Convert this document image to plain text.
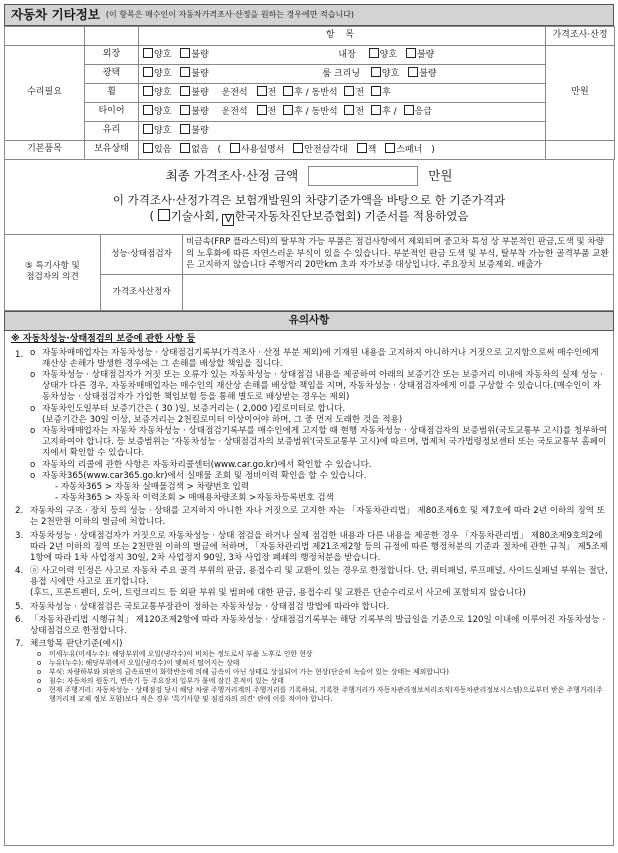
자동차 기타정보 (이 항목은 매수인이 자동차가격조사·산정을 원하는 경우에만 적습니다)
		항 목	가격조사·산정
수리필요	외장	양호 불량 내장 양호 불량	만원
	광택	양호 불량 룸 크리닝 양호 불량	
	휠	양호 불량 운전석 전 후 / 동반석 전 후	
	타이어	양호 불량 운전석 전 후 / 동반석 전 후 / 응급	
	유리	양호 불량	
기본품목	보유상태	있음 없음 ( 사용설명서 안전삼각대 잭 스패너 )	
최종 가격조사·산정 금액	만원
이 가격조사·산정가격은 보험개발원의 차량기준가액을 바탕으로 한 기준가격과
( 기술사회, V 한국자동차진단보증협회) 기준서를 적용하였음
⑤ 특기사항 및
점검자의 의견	성능·상태점검자	비금속(FRP 플라스틱)의 탈부착 가능 부품은 점검사항에서 제외되며 중고차 특성 상 부분적인 판금,도색 및 차량의 노후화에 따른 자연스러운 부식이 있을 수 있습니다. 부분적인 판금 도색 및 부식, 탈부착 가능한 골격부품 교환은 고지하지 않습니다 주행거리 20만km 초과 자가보증 대상입니다. 주요장치 보증제외. 배출가
	가격조사산정자	
유의사항
※ 자동차성능·상태점검의 보증에 관한 사항 등
1. o 자동차매매업자는 자동차성능 · 상태점검기록부(가격조사 · 산정 부분 제외)에 기재된 내용을 고지하지 아니하거나 거짓으로 고지함으로써 매수인에게 재산상 손해가 발생한 경우에는 그 손해를 배상할 책임을 집니다.
o 자동차성능 · 상태점검자가 거짓 또는 오류가 있는 자동차성능 · 상태점검 내용을 제공하여 아래의 보증기간 또는 보증거리 이내에 자동차의 실제 성능 · 상태가 다른 경우, 자동차매매업자는 매수인의 재산상 손해를 배상할 책임을 지며, 자동차성능 · 상태점검자에게 이를 구상할 수 있습니다.(매수인이 자동차성능 · 상태점검자가 가입한 책임보험 등을 통해 별도로 배상받는 경우는 제외)
o 자동차인도일부터 보증기간은 ( 30 )일, 보증거리는 ( 2,000 )킬로미터로 합니다.
(보증기간은 30일 이상, 보증거리는 2천킬로미터 이상이어야 하며, 그 중 먼저 도래한 것을 적용)
o 자동차매매업자는 자동차 자동차성능 · 상태점검기록부를 매수인에게 고지할 때 현행 자동차성능 · 상태점검자의 보증범위(국토교통부 고시)를 청부하여 고지하여야 합니다. 등 보증범위는 '자동차성능 · 상태점검자의 보증범위'(국토교통부 고시)에 따르며, 법제처 국가법령정보센터 또는 국토교통부 홈페이지에서 확인할 수 있습니다.
o 자동차의 리콜에 관한 사항은 자동차리콜센터(www.car.go.kr)에서 확인할 수 있습니다.
o 자동차365(www.car365.go.kr)에서 실매물 조회 및 정비이력 확인을 할 수 있습니다.
- 자동차365 > 자동차 실매물검색 > 차량번호 입력
- 자동차365 > 자동차 이력조회 > 매매용차량조회 >자동차등록번호 검색
2. 자동차의 구조 · 장치 등의 성능 · 상태를 고지하지 아니한 자나 거짓으로 고지한 자는 「자동차관리법」 제80조제6호 및 제7호에 따라 2년 이하의 징역 또는 2천만원 이하의 벌금에 처합니다.
3. 자동차성능 · 상태점검자가 거짓으로 자동차성능 · 상태 점검을 하거나 실제 점검한 내용과 다른 내용을 제공한 경우 「자동차관리법」 제80조제9호의2에 따라 2년 이하의 징역 또는 2천만원 이하의 벌금에 처하며, 「자동차관리법 제21조제2항 등의 규정에 따른 행정처분의 기준과 절차에 관한 규칙」 제5조제1항에 따라 1차 사업정지 30일, 2차 사업정지 90일, 3차 사업장 폐쇄의 행정처분을 받습니다.
4. ⓐ 사고이력 인정은 사고로 자동차 주요 골격 부위의 판금, 용접수리 및 교환이 있는 경우로 한정합니다. 단, 쿼터패널, 루프패널, 사이드실패널 부위는 절단, 용접 시에만 사고로 표기합니다.
(후드, 프론트펜더, 도어, 트렁크리드 등 외판 부위 및 범퍼에 대한 판금, 용접수리 및 교환은 단순수리로서 사고에 포함되지 않습니다)
5. 자동차성능 · 상태점검은 국토교통부장관이 정하는 자동차성능 · 상태점검 방법에 따라야 합니다.
6. 「자동차관리법 시행규칙」 제120조제2항에 따라 자동차성능 · 상태점검기록부는 해당 기록부의 발급일을 기준으로 120일 이내에 이루어진 자동차성능 · 상태점검으로 한정합니다.
7. 체크항목 판단기준(예시)
o	미세누유(미세누수): 해당부위에 오일(냉각수)이 비치는 정도로서 부품 노후로 인한 현상
o	누유(누수): 해당부위에서 오일(냉각수)이 맺혀서 떨어지는 상태
o	부식: 차량하부와 외판의 금속표면이 화학반응에 의해 금속이 아닌 상태로 상실되어 가는 현상(단순히 녹슬어 있는 상태는 제외합니다)
o	침수: 자동차의 원동기, 변속기 등 주요장치 일부가 물에 잠긴 흔적이 있는 상태
o	현재 주행거리: 자동차성능 · 상태점검 당시 해당 차량 주행거리계의 주행거리를 기록하되, 기록한 주행거리가 자동차관리정보처리조직(자동차관리정보시스템)으로부터 받은 주행거리(주행거리계 교체 정보 포함)보다 적은 경우 '특기사항 및 점검자의 의견' 란에 이를 적어야 합니다.
